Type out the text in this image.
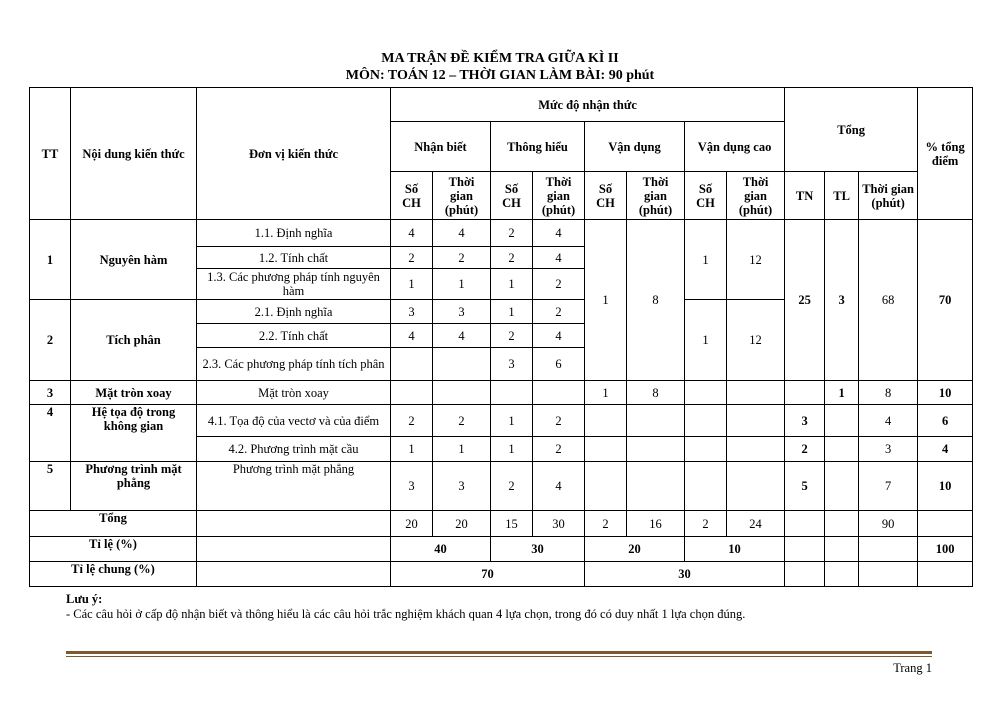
MA TRẬN ĐỀ KIỂM TRA GIỮA KÌ II
MÔN: TOÁN 12 – THỜI GIAN LÀM BÀI: 90 phút
TT	Nội dung kiến thức	Đơn vị kiến thức	Mức độ nhận thức								Tổng			% tổng điểm
			Nhận biết		Thông hiểu		Vận dụng		Vận dụng cao					
			Số CH	Thời gian (phút)	Số CH	Thời gian (phút)	Số CH	Thời gian (phút)	Số CH	Thời gian (phút)	TN	TL	Thời gian (phút)	
1	Nguyên hàm	1.1. Định nghĩa	4	4	2	4	1	8	1	12	25	3	68	70
		1.2. Tính chất	2	2	2	4								
		1.3. Các phương pháp tính nguyên hàm	1	1	1	2								
2	Tích phân	2.1. Định nghĩa	3	3	1	2			1	12				
		2.2. Tính chất	4	4	2	4								
		2.3. Các phương pháp tính tích phân			3	6								
3	Mặt tròn xoay	Mặt tròn xoay					1	8				1	8	10
4	Hệ tọa độ trong không gian	4.1. Tọa độ của vectơ và của điểm	2	2	1	2					3		4	6
		4.2. Phương trình mặt cầu	1	1	1	2					2		3	4
5	Phương trình mặt phẳng	Phương trình mặt phẳng	3	3	2	4					5		7	10
Tổng			20	20	15	30	2	16	2	24			90	
Tỉ lệ (%)			40		30		20		10					100
Tỉ lệ chung (%)			70				30							
Lưu ý:
- Các câu hỏi ở cấp độ nhận biết và thông hiểu là các câu hỏi trắc nghiệm khách quan 4 lựa chọn, trong đó có duy nhất 1 lựa chọn đúng.
Trang 1
